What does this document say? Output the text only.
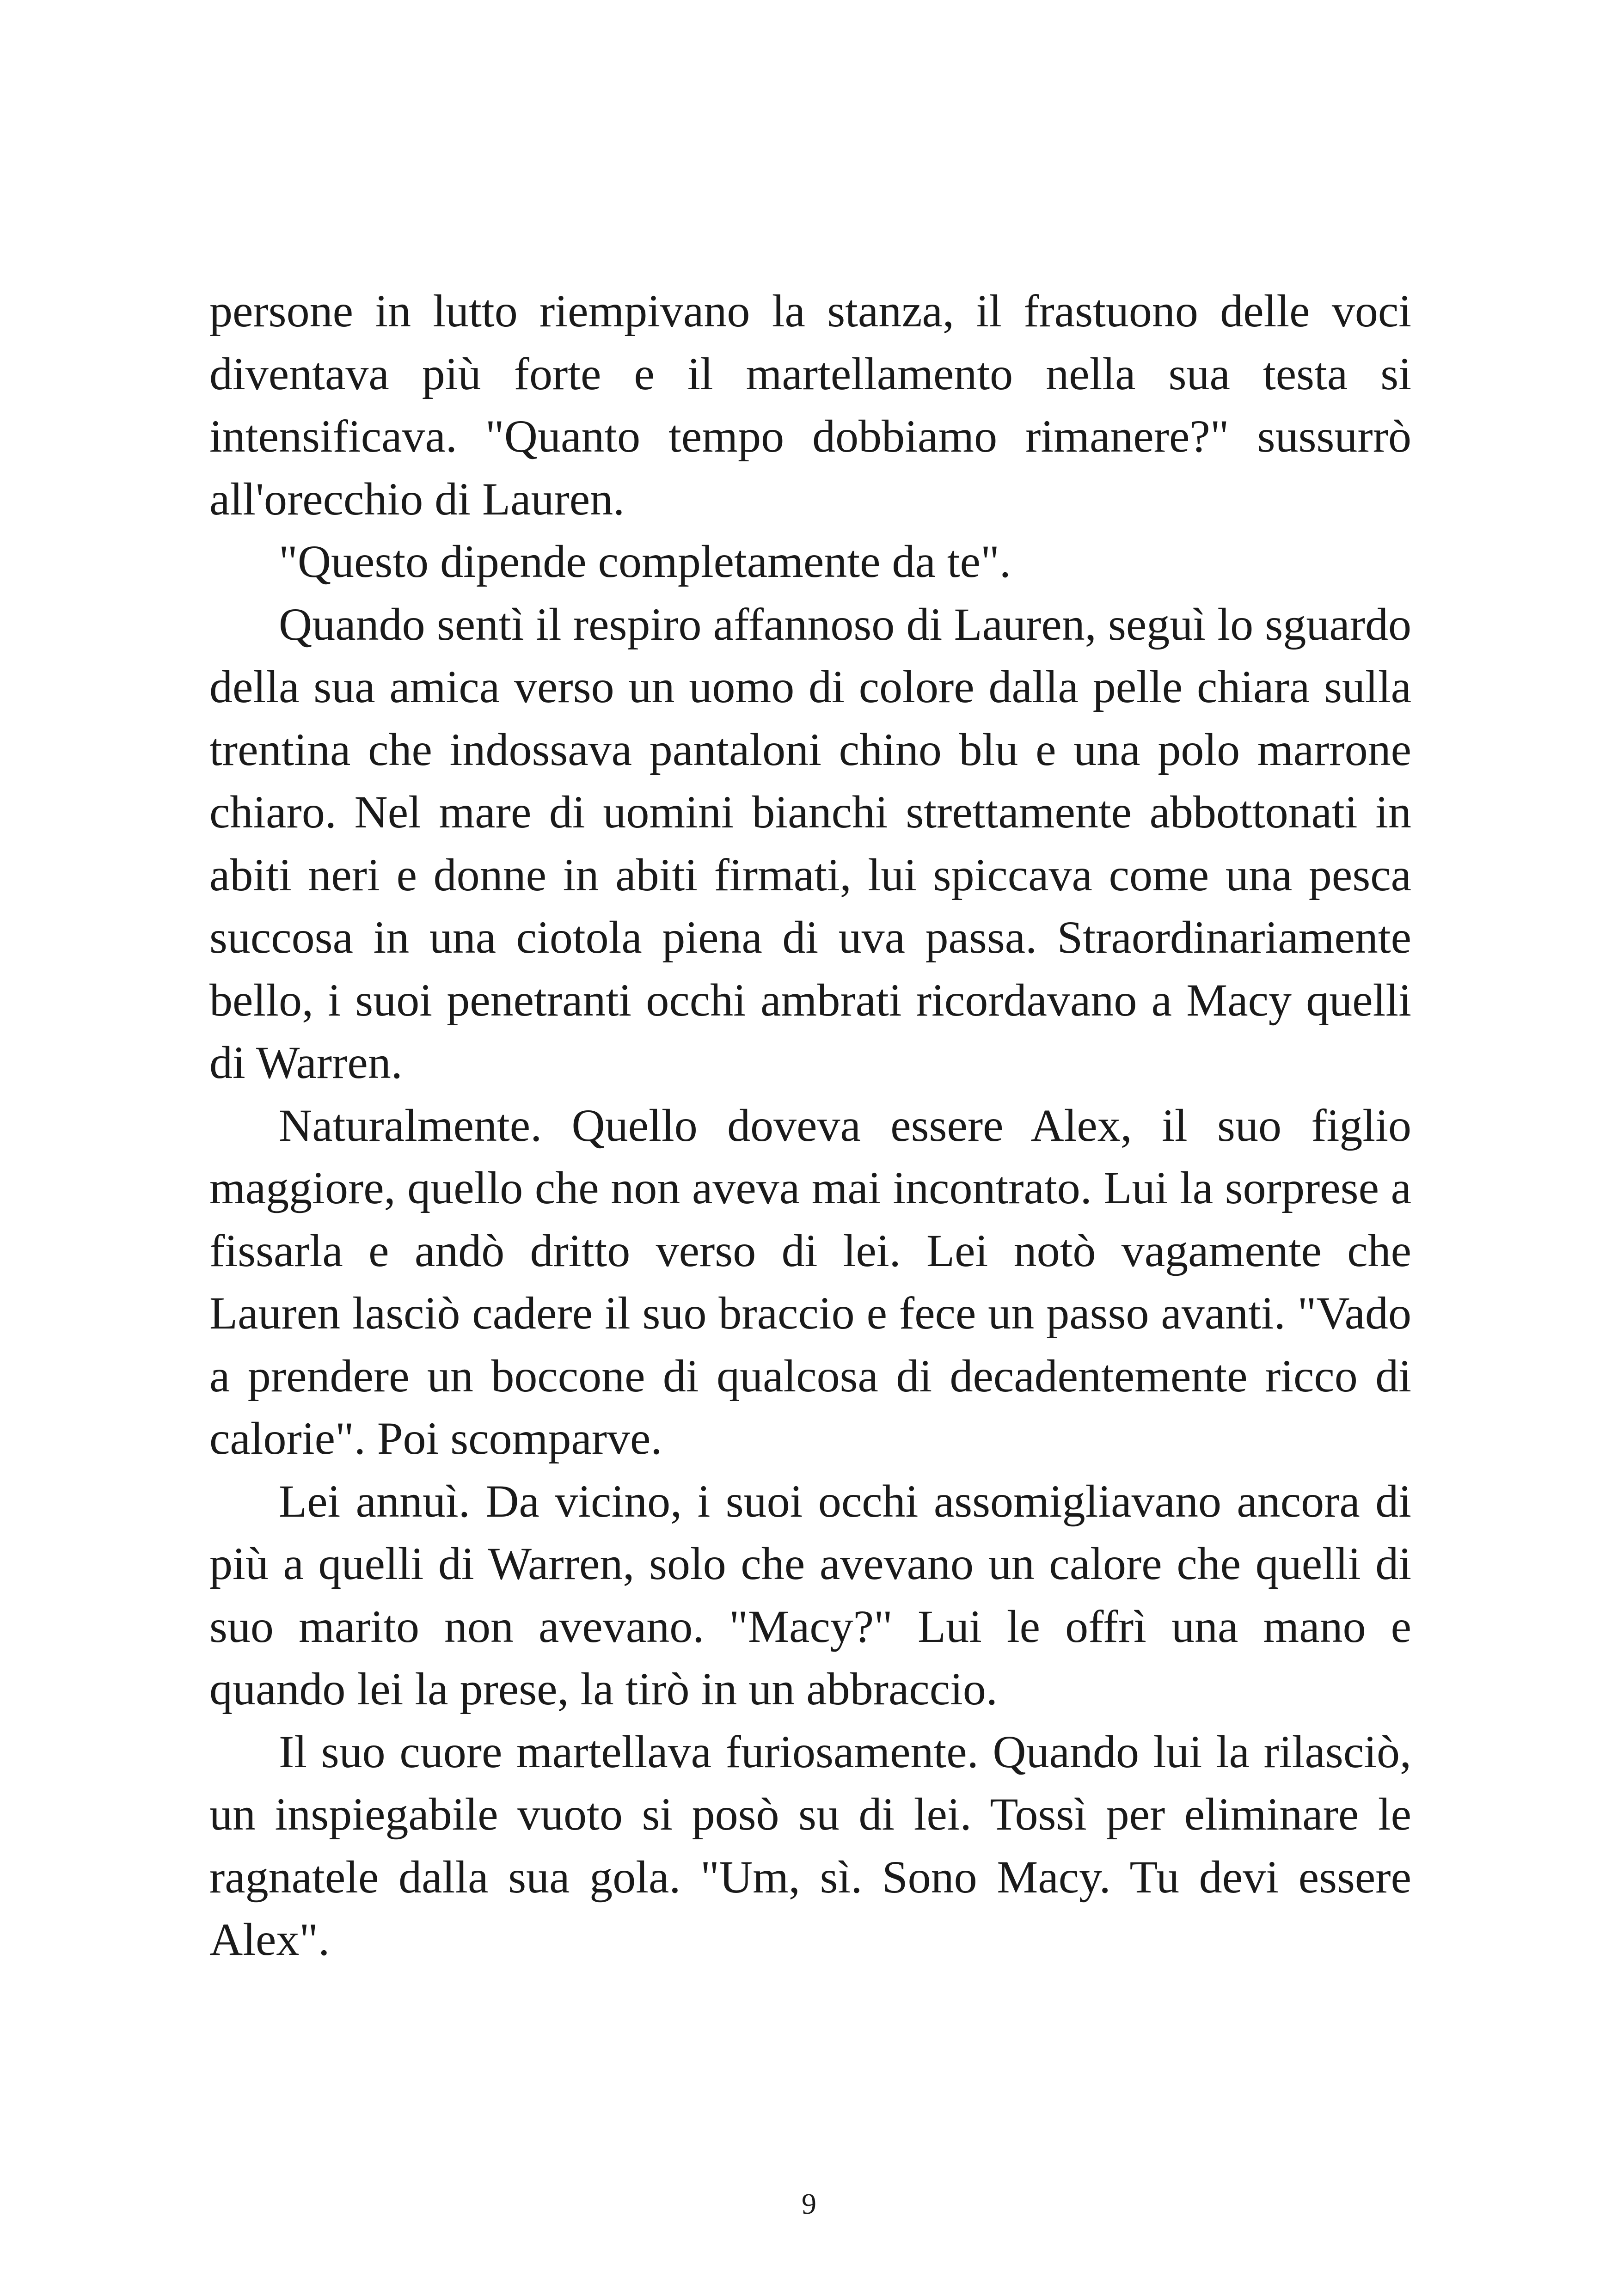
persone in lutto riempivano la stanza, il frastuono delle voci diventava più forte e il martellamento nella sua testa si intensificava. "Quanto tempo dobbiamo rimanere?" sussurrò all'orecchio di Lauren.

"Questo dipende completamente da te".

Quando sentì il respiro affannoso di Lauren, seguì lo sguardo della sua amica verso un uomo di colore dalla pelle chiara sulla trentina che indossava pantaloni chino blu e una polo marrone chiaro. Nel mare di uomini bianchi strettamente abbottonati in abiti neri e donne in abiti firmati, lui spiccava come una pesca succosa in una ciotola piena di uva passa. Straordinariamente bello, i suoi penetranti occhi ambrati ricordavano a Macy quelli di Warren.

Naturalmente. Quello doveva essere Alex, il suo figlio maggiore, quello che non aveva mai incontrato. Lui la sorprese a fissarla e andò dritto verso di lei. Lei notò vagamente che Lauren lasciò cadere il suo braccio e fece un passo avanti. "Vado a prendere un boccone di qualcosa di decadentemente ricco di calorie". Poi scomparve.

Lei annuì. Da vicino, i suoi occhi assomigliavano ancora di più a quelli di Warren, solo che avevano un calore che quelli di suo marito non avevano. "Macy?" Lui le offrì una mano e quando lei la prese, la tirò in un abbraccio.

Il suo cuore martellava furiosamente. Quando lui la rilasciò, un inspiegabile vuoto si posò su di lei. Tossì per eliminare le ragnatele dalla sua gola. "Um, sì. Sono Macy. Tu devi essere Alex".

9
